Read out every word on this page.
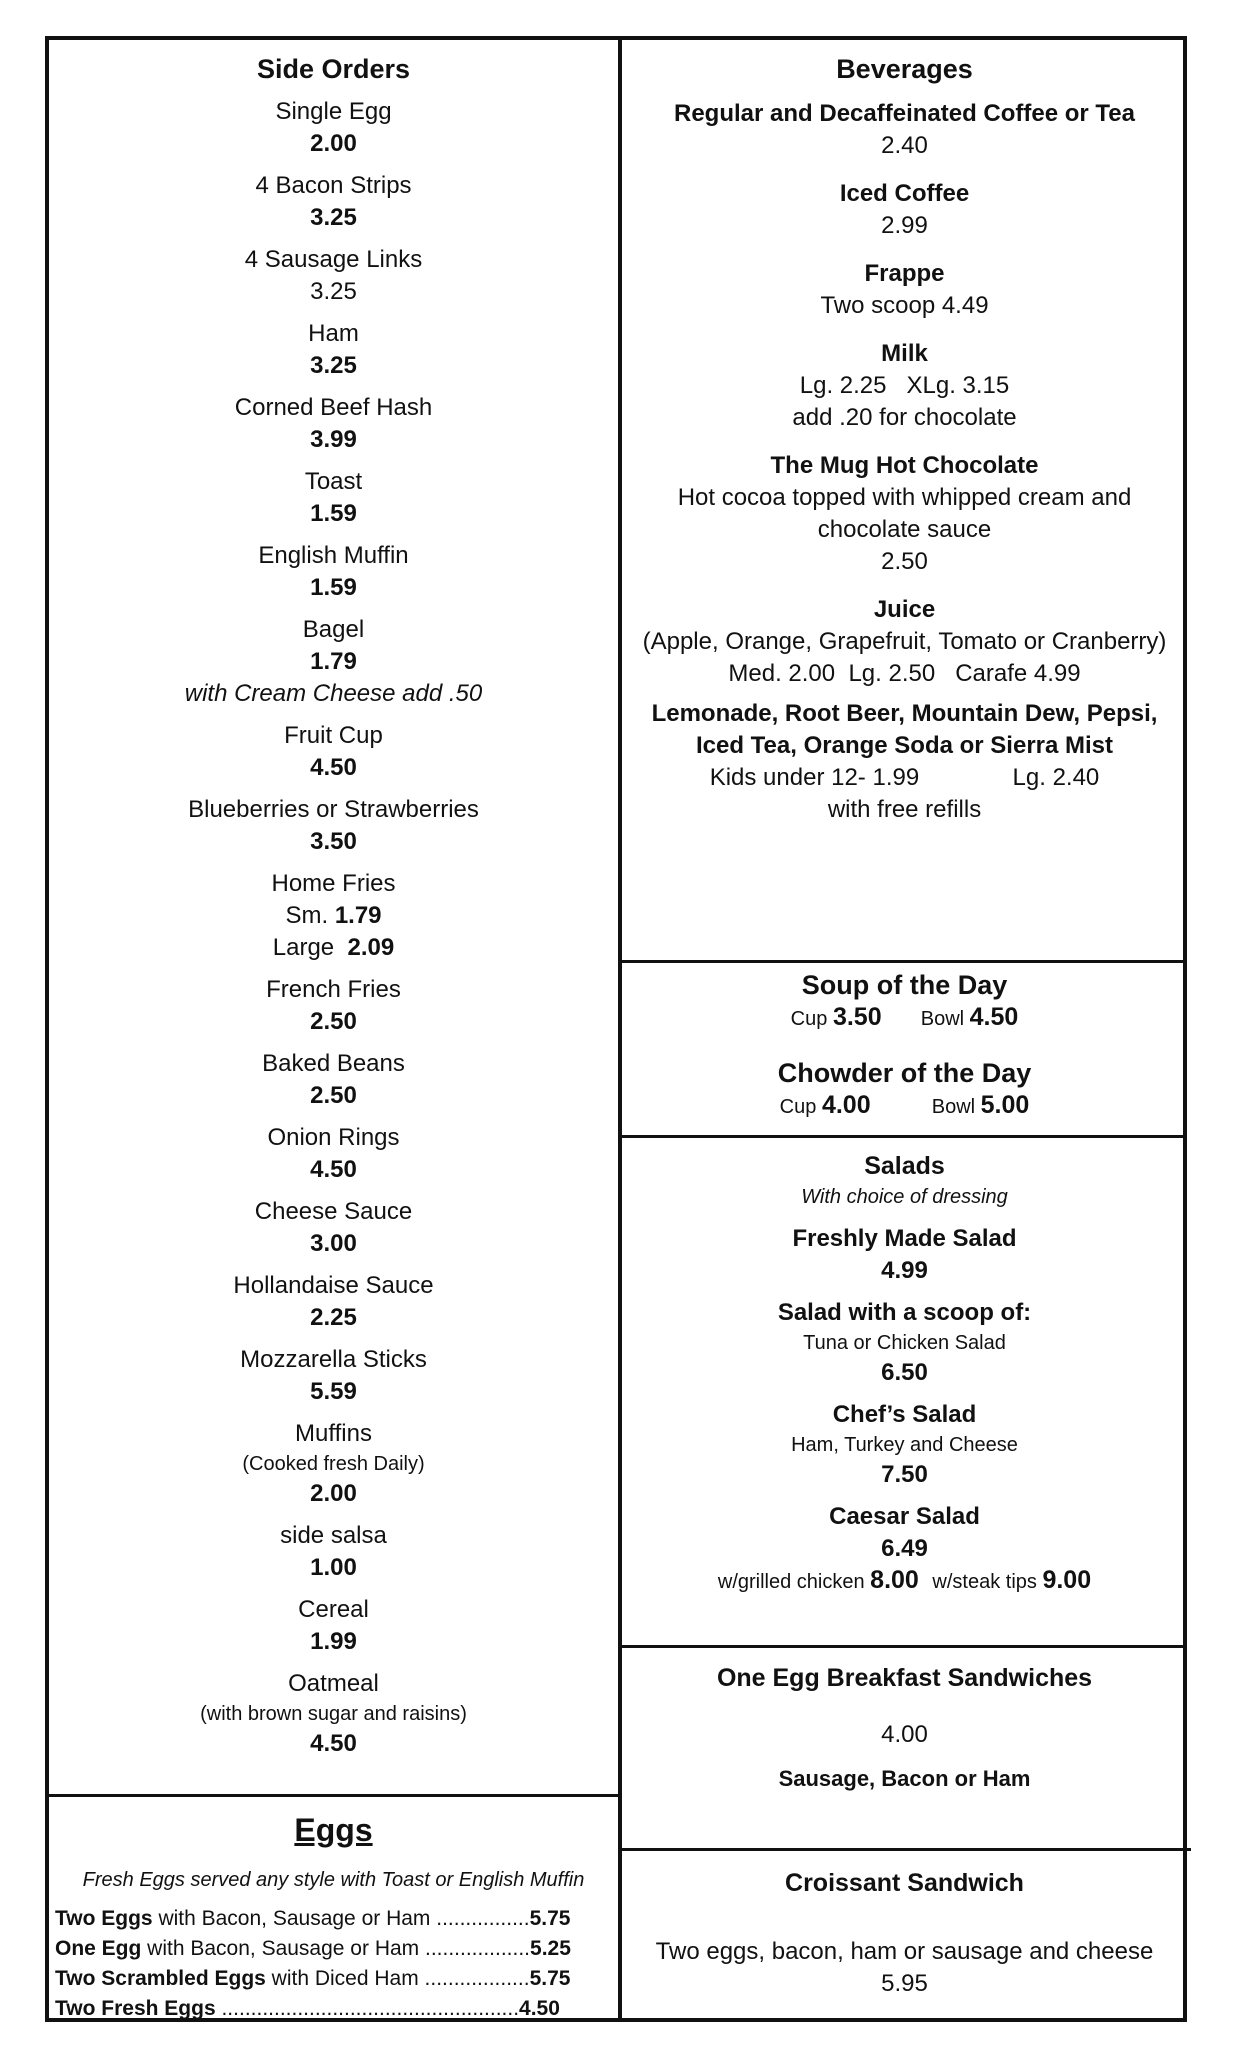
Side Orders
Single Egg
2.00
4 Bacon Strips
3.25
4 Sausage Links
3.25
Ham
3.25
Corned Beef Hash
3.99
Toast
1.59
English Muffin
1.59
Bagel
1.79
with Cream Cheese add .50
Fruit Cup
4.50
Blueberries or Strawberries
3.50
Home Fries
Sm. 1.79
Large 2.09
French Fries
2.50
Baked Beans
2.50
Onion Rings
4.50
Cheese Sauce
3.00
Hollandaise Sauce
2.25
Mozzarella Sticks
5.59
Muffins
(Cooked fresh Daily)
2.00
side salsa
1.00
Cereal
1.99
Oatmeal
(with brown sugar and raisins)
4.50
Eggs
Fresh Eggs served any style with Toast or English Muffin
Two Eggs with Bacon, Sausage or Ham ................5.75
One Egg with Bacon, Sausage or Ham ..................5.25
Two Scrambled Eggs with Diced Ham ..................5.75
Two Fresh Eggs ...................................................4.50
Beverages
Regular and Decaffeinated Coffee or Tea
2.40
Iced Coffee
2.99
Frappe
Two scoop 4.49
Milk
Lg. 2.25   XLg. 3.15
add .20 for chocolate
The Mug Hot Chocolate
Hot cocoa topped with whipped cream and
chocolate sauce
2.50
Juice
(Apple, Orange, Grapefruit, Tomato or Cranberry)
Med. 2.00  Lg. 2.50   Carafe 4.99
Lemonade, Root Beer, Mountain Dew, Pepsi,
Iced Tea, Orange Soda or Sierra Mist
Kids under 12- 1.99	Lg. 2.40
with free refills
Soup of the Day
Cup 3.50 Bowl 4.50
Chowder of the Day
Cup 4.00	Bowl 5.00
Salads
With choice of dressing
Freshly Made Salad
4.99
Salad with a scoop of:
Tuna or Chicken Salad
6.50
Chef’s Salad
Ham, Turkey and Cheese
7.50
Caesar Salad
6.49
w/grilled chicken 8.00 w/steak tips 9.00
One Egg Breakfast Sandwiches
4.00
Sausage, Bacon or Ham
Croissant Sandwich
Two eggs, bacon, ham or sausage and cheese
5.95
